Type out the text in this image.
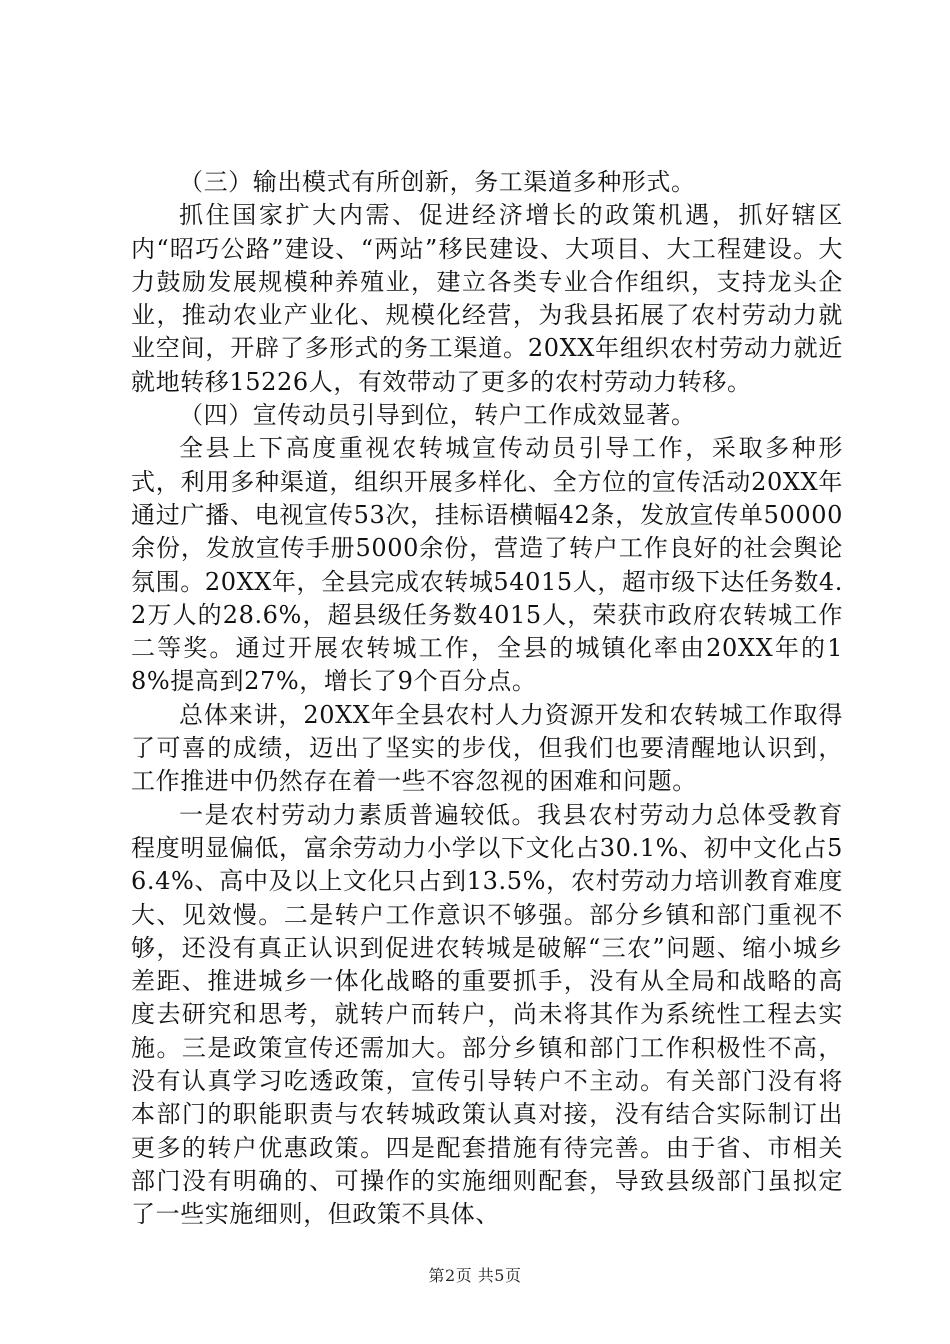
（三）输出模式有所创新，务工渠道多种形式。

抓住国家扩大内需、促进经济增长的政策机遇，抓好辖区内“昭巧公路”建设、“两站”移民建设、大项目、大工程建设。大力鼓励发展规模种养殖业，建立各类专业合作组织，支持龙头企业，推动农业产业化、规模化经营，为我县拓展了农村劳动力就业空间，开辟了多形式的务工渠道。20XX年组织农村劳动力就近就地转移15226人，有效带动了更多的农村劳动力转移。

（四）宣传动员引导到位，转户工作成效显著。

全县上下高度重视农转城宣传动员引导工作，采取多种形式，利用多种渠道，组织开展多样化、全方位的宣传活动20XX年通过广播、电视宣传53次，挂标语横幅42条，发放宣传单50000余份，发放宣传手册5000余份，营造了转户工作良好的社会舆论氛围。20XX年，全县完成农转城54015人，超市级下达任务数4.2万人的28.6%，超县级任务数4015人，荣获市政府农转城工作二等奖。通过开展农转城工作，全县的城镇化率由20XX年的18%提高到27%，增长了9个百分点。

总体来讲，20XX年全县农村人力资源开发和农转城工作取得了可喜的成绩，迈出了坚实的步伐，但我们也要清醒地认识到，工作推进中仍然存在着一些不容忽视的困难和问题。

一是农村劳动力素质普遍较低。我县农村劳动力总体受教育程度明显偏低，富余劳动力小学以下文化占30.1%、初中文化占56.4%、高中及以上文化只占到13.5%，农村劳动力培训教育难度大、见效慢。二是转户工作意识不够强。部分乡镇和部门重视不够，还没有真正认识到促进农转城是破解“三农”问题、缩小城乡差距、推进城乡一体化战略的重要抓手，没有从全局和战略的高度去研究和思考，就转户而转户，尚未将其作为系统性工程去实施。三是政策宣传还需加大。部分乡镇和部门工作积极性不高，没有认真学习吃透政策，宣传引导转户不主动。有关部门没有将本部门的职能职责与农转城政策认真对接，没有结合实际制订出更多的转户优惠政策。四是配套措施有待完善。由于省、市相关部门没有明确的、可操作的实施细则配套，导致县级部门虽拟定了一些实施细则，但政策不具体、

第2页 共5页
